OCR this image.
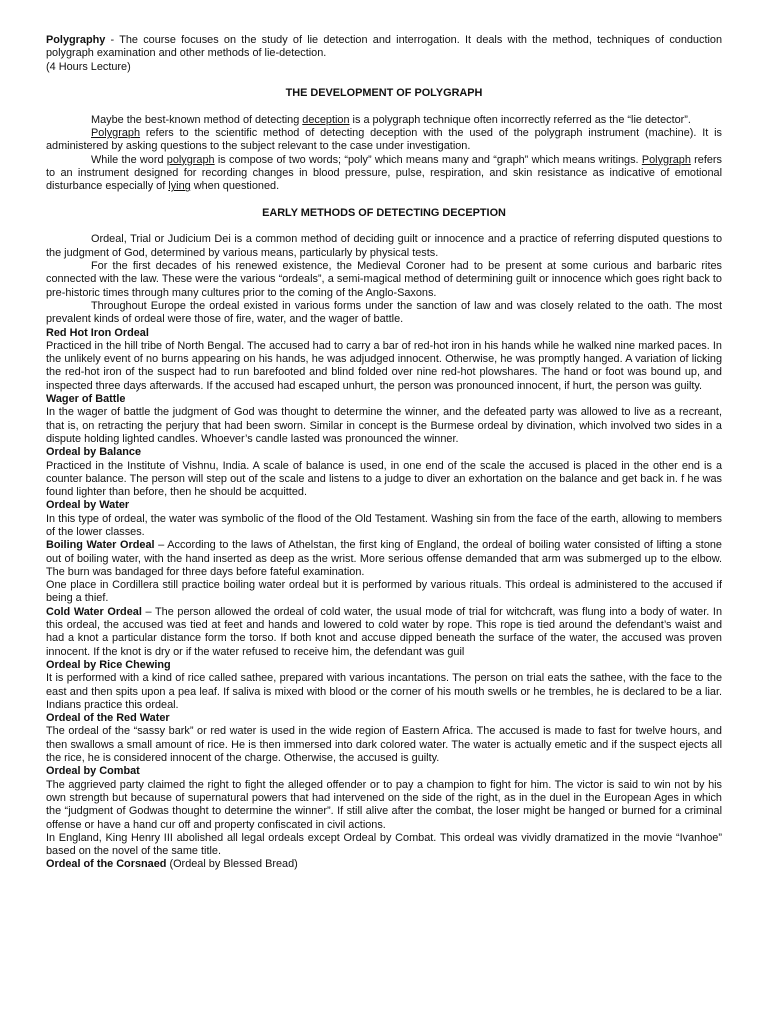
Polygraphy - The course focuses on the study of lie detection and interrogation. It deals with the method, techniques of conduction polygraph examination and other methods of lie-detection.

(4 Hours Lecture)

THE DEVELOPMENT OF POLYGRAPH

Maybe the best-known method of detecting deception is a polygraph technique often incorrectly referred as the “lie detector”.

Polygraph refers to the scientific method of detecting deception with the used of the polygraph instrument (machine). It is administered by asking questions to the subject relevant to the case under investigation.

While the word polygraph is compose of two words; “poly” which means many and “graph” which means writings. Polygraph refers to an instrument designed for recording changes in blood pressure, pulse, respiration, and skin resistance as indicative of emotional disturbance especially of lying when questioned.

EARLY METHODS OF DETECTING DECEPTION

Ordeal, Trial or Judicium Dei is a common method of deciding guilt or innocence and a practice of referring disputed questions to the judgment of God, determined by various means, particularly by physical tests.

For the first decades of his renewed existence, the Medieval Coroner had to be present at some curious and barbaric rites connected with the law. These were the various “ordeals”, a semi-magical method of determining guilt or innocence which goes right back to pre-historic times through many cultures prior to the coming of the Anglo-Saxons.

Throughout Europe the ordeal existed in various forms under the sanction of law and was closely related to the oath. The most prevalent kinds of ordeal were those of fire, water, and the wager of battle.

Red Hot Iron Ordeal

Practiced in the hill tribe of North Bengal. The accused had to carry a bar of red-hot iron in his hands while he walked nine marked paces. In the unlikely event of no burns appearing on his hands, he was adjudged innocent. Otherwise, he was promptly hanged. A variation of licking the red-hot iron of the suspect had to run barefooted and blind folded over nine red-hot plowshares. The hand or foot was bound up, and inspected three days afterwards. If the accused had escaped unhurt, the person was pronounced innocent, if hurt, the person was guilty.

Wager of Battle

In the wager of battle the judgment of God was thought to determine the winner, and the defeated party was allowed to live as a recreant, that is, on retracting the perjury that had been sworn. Similar in concept is the Burmese ordeal by divination, which involved two sides in a dispute holding lighted candles. Whoever’s candle lasted was pronounced the winner.

Ordeal by Balance

Practiced in the Institute of Vishnu, India. A scale of balance is used, in one end of the scale the accused is placed in the other end is a counter balance. The person will step out of the scale and listens to a judge to diver an exhortation on the balance and get back in. f he was found lighter than before, then he should be acquitted.

Ordeal by Water

In this type of ordeal, the water was symbolic of the flood of the Old Testament. Washing sin from the face of the earth, allowing to members of the lower classes.

Boiling Water Ordeal – According to the laws of Athelstan, the first king of England, the ordeal of boiling water consisted of lifting a stone out of boiling water, with the hand inserted as deep as the wrist. More serious offense demanded that arm was submerged up to the elbow. The burn was bandaged for three days before fateful examination.

One place in Cordillera still practice boiling water ordeal but it is performed by various rituals. This ordeal is administered to the accused if being a thief.

Cold Water Ordeal – The person allowed the ordeal of cold water, the usual mode of trial for witchcraft, was flung into a body of water. In this ordeal, the accused was tied at feet and hands and lowered to cold water by rope. This rope is tied around the defendant’s waist and had a knot a particular distance form the torso. If both knot and accuse dipped beneath the surface of the water, the accused was proven innocent. If the knot is dry or if the water refused to receive him, the defendant was guil

Ordeal by Rice Chewing

It is performed with a kind of rice called sathee, prepared with various incantations. The person on trial eats the sathee, with the face to the east and then spits upon a pea leaf. If saliva is mixed with blood or the corner of his mouth swells or he trembles, he is declared to be a liar. Indians practice this ordeal.

Ordeal of the Red Water

The ordeal of the “sassy bark” or red water is used in the wide region of Eastern Africa. The accused is made to fast for twelve hours, and then swallows a small amount of rice. He is then immersed into dark colored water. The water is actually emetic and if the suspect ejects all the rice, he is considered innocent of the charge. Otherwise, the accused is guilty.

Ordeal by Combat

The aggrieved party claimed the right to fight the alleged offender or to pay a champion to fight for him. The victor is said to win not by his own strength but because of supernatural powers that had intervened on the side of the right, as in the duel in the European Ages in which the “judgment of Godwas thought to determine the winner”. If still alive after the combat, the loser might be hanged or burned for a criminal offense or have a hand cur off and property confiscated in civil actions.

In England, King Henry III abolished all legal ordeals except Ordeal by Combat. This ordeal was vividly dramatized in the movie “Ivanhoe” based on the novel of the same title.

Ordeal of the Corsnaed (Ordeal by Blessed Bread)
